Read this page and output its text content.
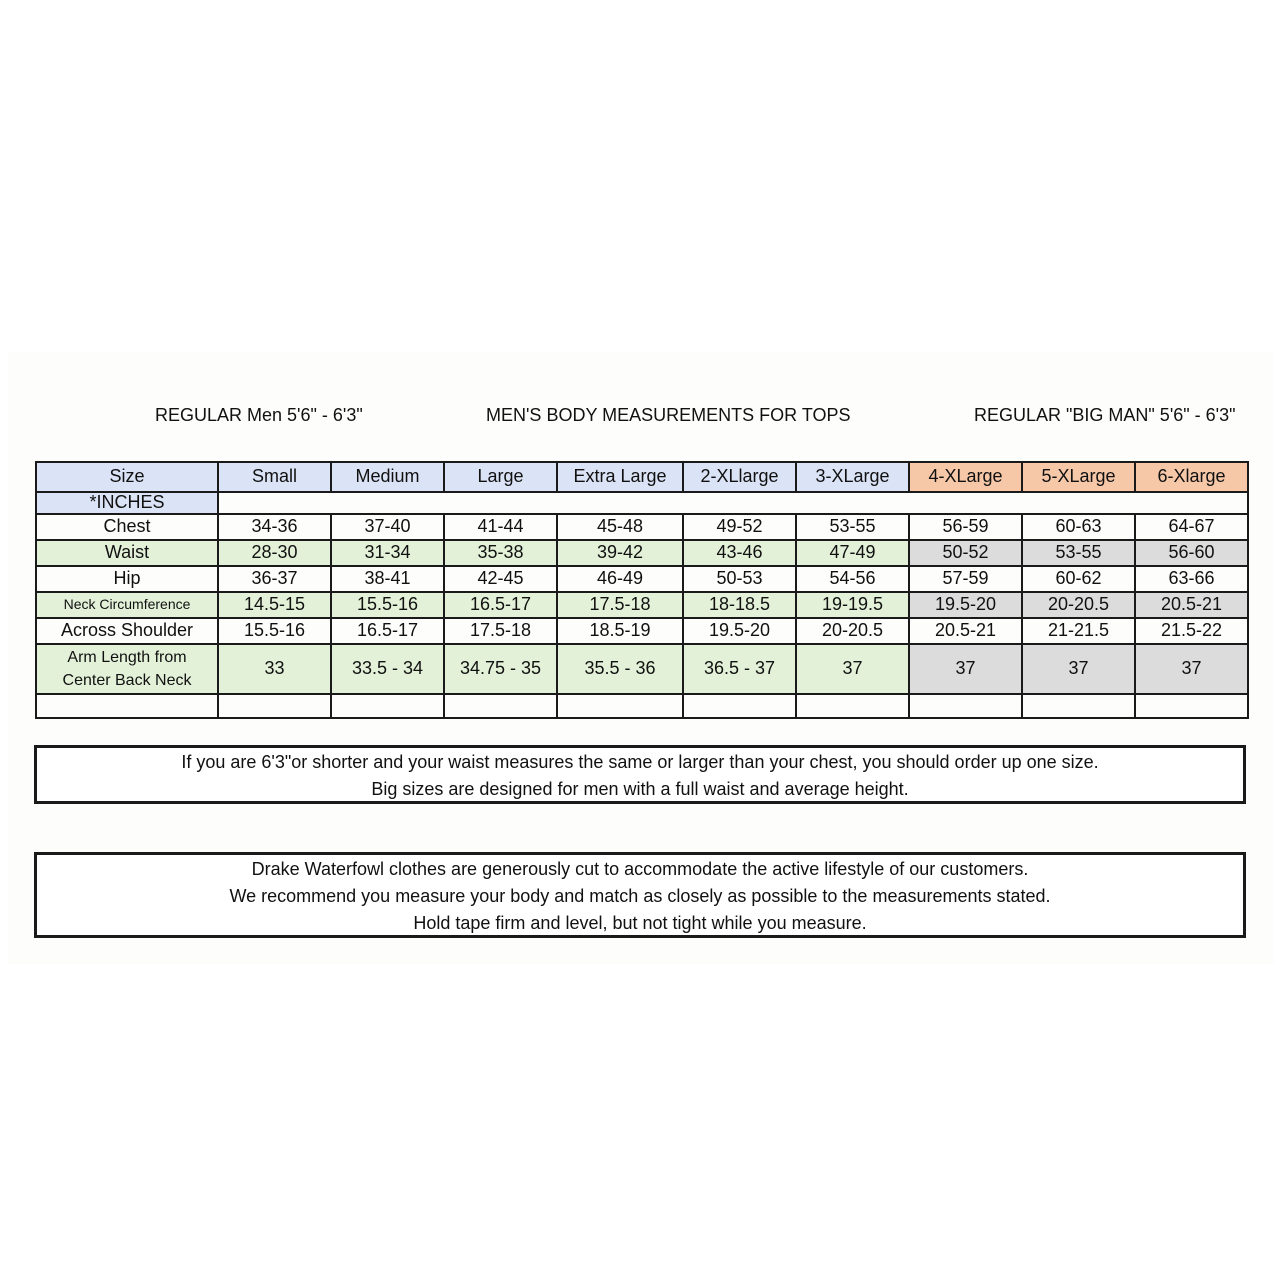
REGULAR Men 5'6" - 6'3"	MEN'S BODY MEASUREMENTS FOR TOPS	REGULAR "BIG MAN" 5'6" - 6'3"
Size	Small	Medium	Large	Extra Large	2-XLlarge	3-XLarge	4-XLarge	5-XLarge	6-Xlarge
*INCHES									
Chest	34-36	37-40	41-44	45-48	49-52	53-55	56-59	60-63	64-67
Waist	28-30	31-34	35-38	39-42	43-46	47-49	50-52	53-55	56-60
Hip	36-37	38-41	42-45	46-49	50-53	54-56	57-59	60-62	63-66
Neck Circumference	14.5-15	15.5-16	16.5-17	17.5-18	18-18.5	19-19.5	19.5-20	20-20.5	20.5-21
Across Shoulder	15.5-16	16.5-17	17.5-18	18.5-19	19.5-20	20-20.5	20.5-21	21-21.5	21.5-22

Arm Length from
Center Back Neck	33	33.5 - 34	34.75 - 35	35.5 - 36	36.5 - 37	37	37	37	37

If you are 6'3"or shorter and your waist measures the same or larger than your chest, you should order up one size.
Big sizes are designed for men with a full waist and average height.
Drake Waterfowl clothes are generously cut to accommodate the active lifestyle of our customers.
We recommend you measure your body and match as closely as possible to the measurements stated.
Hold tape firm and level, but not tight while you measure.
